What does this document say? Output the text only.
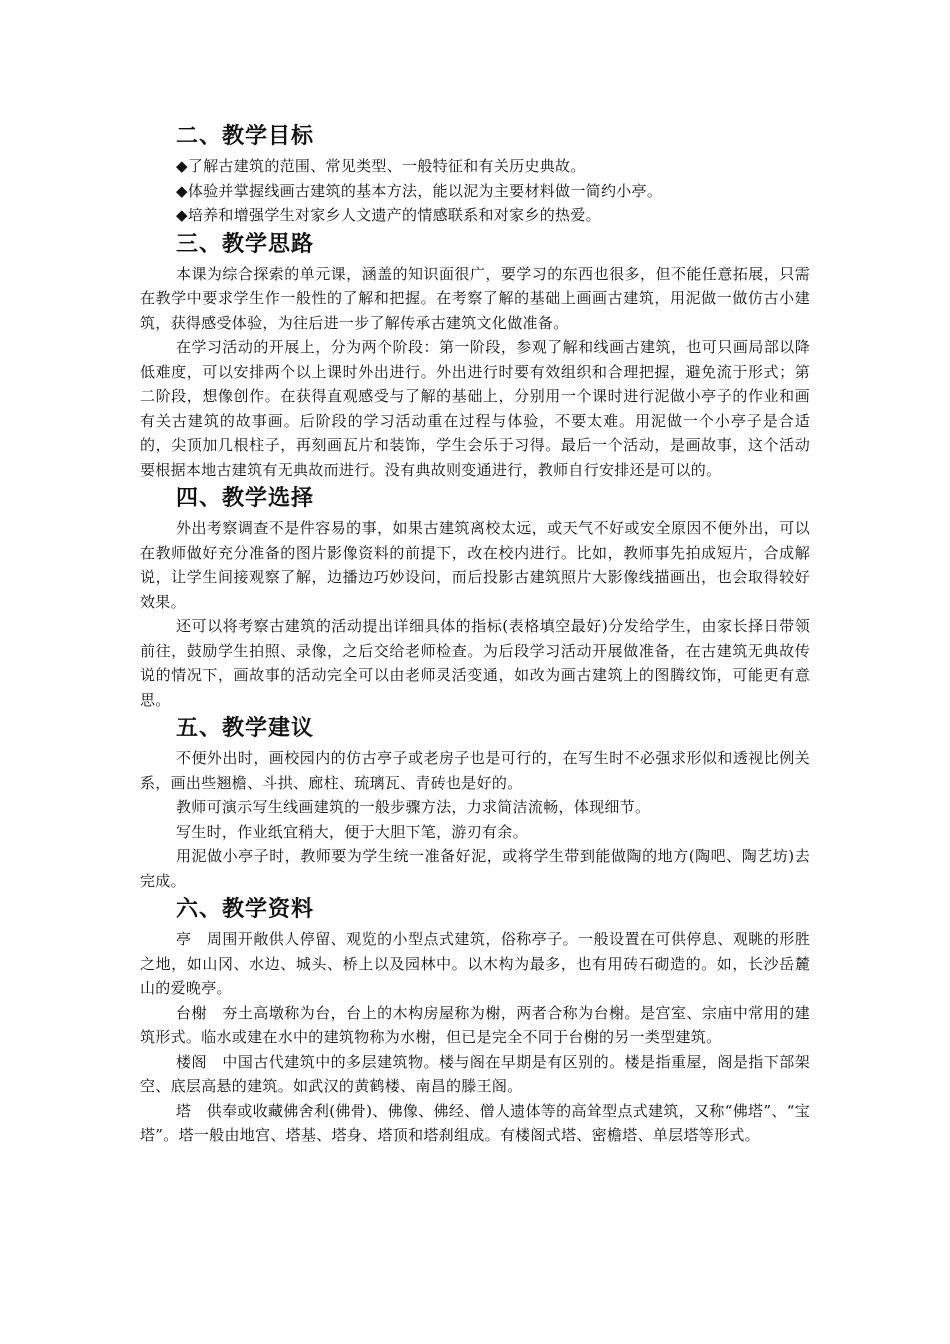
二、教学目标
◆了解古建筑的范围、常见类型、一般特征和有关历史典故。
◆体验并掌握线画古建筑的基本方法，能以泥为主要材料做一简约小亭。
◆培养和增强学生对家乡人文遗产的情感联系和对家乡的热爱。
三、教学思路

本课为综合探索的单元课，涵盖的知识面很广，要学习的东西也很多，但不能任意拓展，只需在教学中要求学生作一般性的了解和把握。在考察了解的基础上画画古建筑，用泥做一做仿古小建筑，获得感受体验，为往后进一步了解传承古建筑文化做准备。

在学习活动的开展上，分为两个阶段：第一阶段，参观了解和线画古建筑，也可只画局部以降低难度，可以安排两个以上课时外出进行。外出进行时要有效组织和合理把握，避免流于形式；第二阶段，想像创作。在获得直观感受与了解的基础上，分别用一个课时进行泥做小亭子的作业和画有关古建筑的故事画。后阶段的学习活动重在过程与体验，不要太难。用泥做一个小亭子是合适的，尖顶加几根柱子，再刻画瓦片和装饰，学生会乐于习得。最后一个活动，是画故事，这个活动要根据本地古建筑有无典故而进行。没有典故则变通进行，教师自行安排还是可以的。

四、教学选择

外出考察调查不是件容易的事，如果古建筑离校太远，或天气不好或安全原因不便外出，可以在教师做好充分准备的图片影像资料的前提下，改在校内进行。比如，教师事先拍成短片，合成解说，让学生间接观察了解，边播边巧妙设问，而后投影古建筑照片大影像线描画出，也会取得较好效果。

还可以将考察古建筑的活动提出详细具体的指标(表格填空最好)分发给学生，由家长择日带领前往，鼓励学生拍照、录像，之后交给老师检查。为后段学习活动开展做准备，在古建筑无典故传说的情况下，画故事的活动完全可以由老师灵活变通，如改为画古建筑上的图腾纹饰，可能更有意思。

五、教学建议

不便外出时，画校园内的仿古亭子或老房子也是可行的，在写生时不必强求形似和透视比例关系，画出些翘檐、斗拱、廊柱、琉璃瓦、青砖也是好的。

教师可演示写生线画建筑的一般步骤方法，力求简洁流畅，体现细节。

写生时，作业纸宜稍大，便于大胆下笔，游刃有余。

用泥做小亭子时，教师要为学生统一准备好泥，或将学生带到能做陶的地方(陶吧、陶艺坊)去完成。

六、教学资料

亭　周围开敞供人停留、观览的小型点式建筑，俗称亭子。一般设置在可供停息、观眺的形胜之地，如山冈、水边、城头、桥上以及园林中。以木构为最多，也有用砖石砌造的。如，长沙岳麓山的爱晚亭。

台榭　夯土高墩称为台，台上的木构房屋称为榭，两者合称为台榭。是宫室、宗庙中常用的建筑形式。临水或建在水中的建筑物称为水榭，但已是完全不同于台榭的另一类型建筑。

楼阁　中国古代建筑中的多层建筑物。楼与阁在早期是有区别的。楼是指重屋，阁是指下部架空、底层高悬的建筑。如武汉的黄鹤楼、南昌的滕王阁。

塔　供奉或收藏佛舍利(佛骨)、佛像、佛经、僧人遗体等的高耸型点式建筑，又称“佛塔”、“宝塔”。塔一般由地宫、塔基、塔身、塔顶和塔刹组成。有楼阁式塔、密檐塔、单层塔等形式。
